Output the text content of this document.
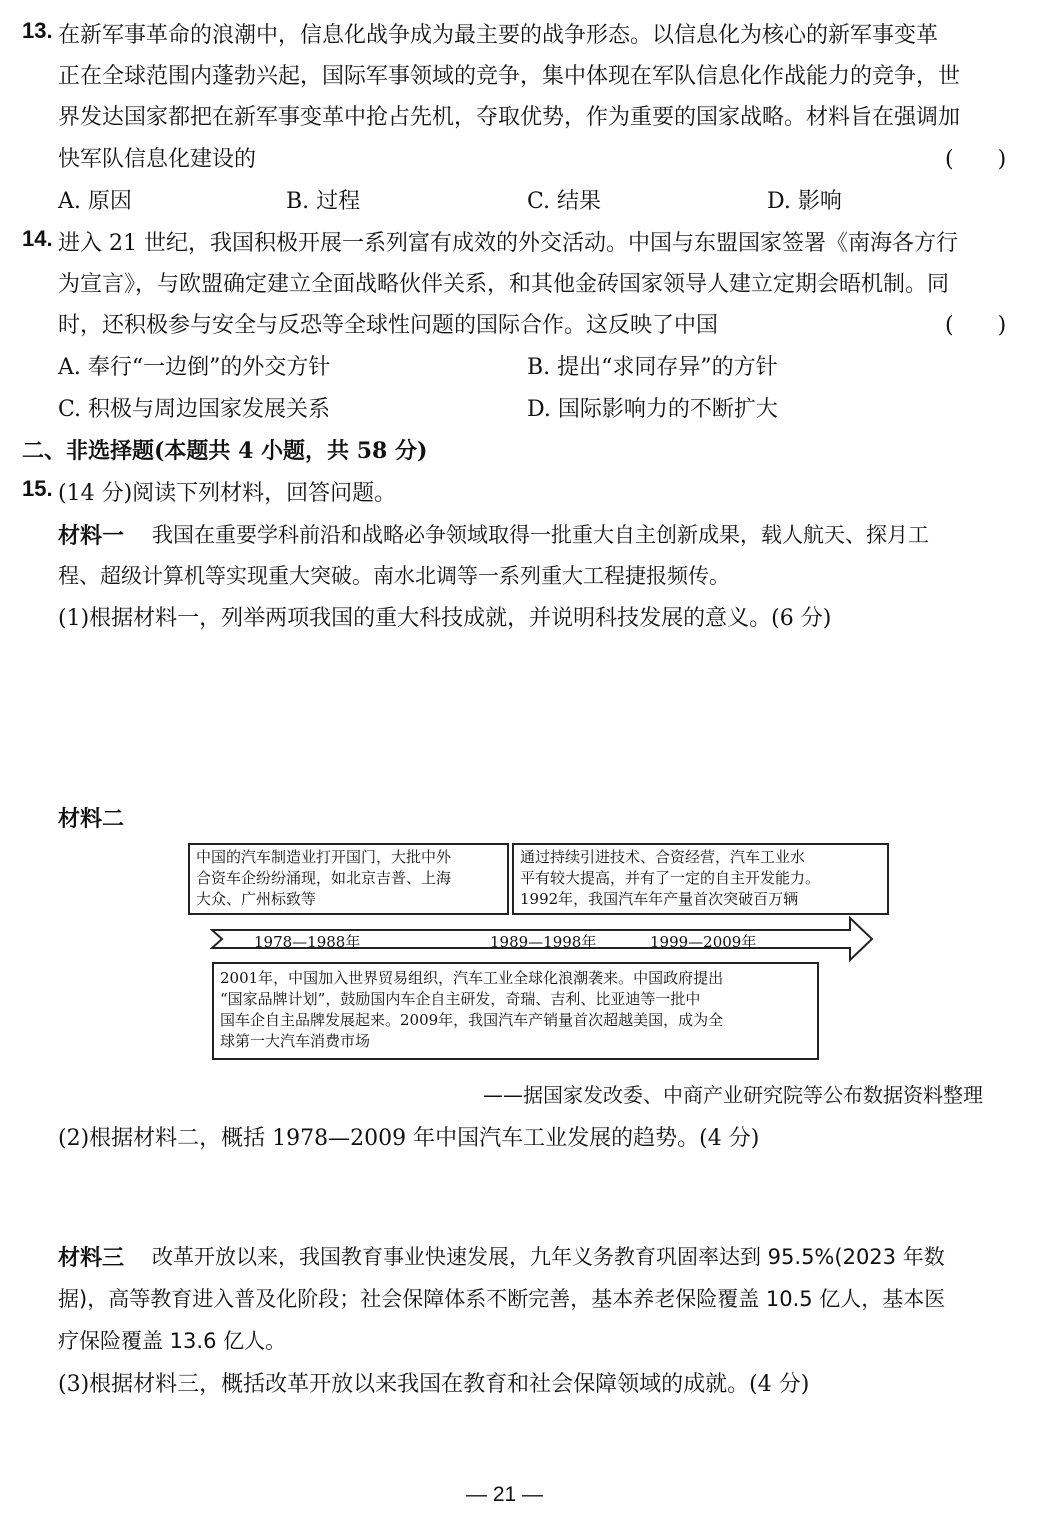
13. 在新军事革命的浪潮中，信息化战争成为最主要的战争形态。以信息化为核心的新军事变革
正在全球范围内蓬勃兴起，国际军事领域的竞争，集中体现在军队信息化作战能力的竞争，世
界发达国家都把在新军事变革中抢占先机，夺取优势，作为重要的国家战略。材料旨在强调加
快军队信息化建设的	(　　)
A. 原因	B. 过程	C. 结果	D. 影响
14. 进入 21 世纪，我国积极开展一系列富有成效的外交活动。中国与东盟国家签署《南海各方行
为宣言》，与欧盟确定建立全面战略伙伴关系，和其他金砖国家领导人建立定期会晤机制。同
时，还积极参与安全与反恐等全球性问题的国际合作。这反映了中国	(　　)
A. 奉行“一边倒”的外交方针	B. 提出“求同存异”的方针
C. 积极与周边国家发展关系	D. 国际影响力的不断扩大
二、非选择题(本题共 4 小题，共 58 分)
15. (14 分)阅读下列材料，回答问题。
材料一 我国在重要学科前沿和战略必争领域取得一批重大自主创新成果，载人航天、探月工
程、超级计算机等实现重大突破。南水北调等一系列重大工程捷报频传。
(1)根据材料一，列举两项我国的重大科技成就，并说明科技发展的意义。(6 分)
材料二
1978—1988年	1989—1998年	1999—2009年
中国的汽车制造业打开国门，大批中外
合资车企纷纷涌现，如北京吉普、上海
大众、广州标致等
通过持续引进技术、合资经营，汽车工业水
平有较大提高，并有了一定的自主开发能力。
1992年，我国汽车年产量首次突破百万辆
2001年，中国加入世界贸易组织，汽车工业全球化浪潮袭来。中国政府提出
“国家品牌计划”，鼓励国内车企自主研发，奇瑞、吉利、比亚迪等一批中
国车企自主品牌发展起来。2009年，我国汽车产销量首次超越美国，成为全
球第一大汽车消费市场
——据国家发改委、中商产业研究院等公布数据资料整理
(2)根据材料二，概括 1978—2009 年中国汽车工业发展的趋势。(4 分)
材料三 改革开放以来，我国教育事业快速发展，九年义务教育巩固率达到 95.5%(2023 年数
据)，高等教育进入普及化阶段；社会保障体系不断完善，基本养老保险覆盖 10.5 亿人，基本医
疗保险覆盖 13.6 亿人。
(3)根据材料三，概括改革开放以来我国在教育和社会保障领域的成就。(4 分)
— 21 —
